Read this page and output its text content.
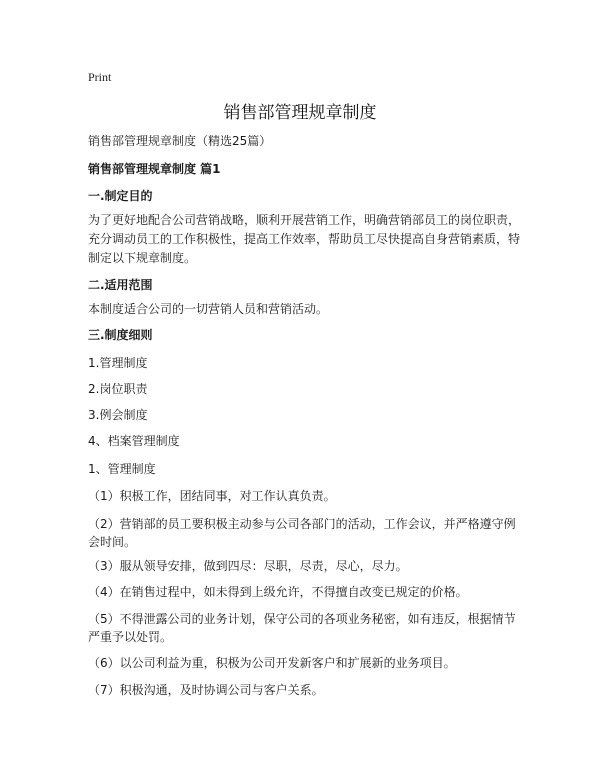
Print
销售部管理规章制度
销售部管理规章制度（精选25篇）
销售部管理规章制度 篇1
一.制定目的
为了更好地配合公司营销战略，顺利开展营销工作，明确营销部员工的岗位职责，
充分调动员工的工作积极性，提高工作效率，帮助员工尽快提高自身营销素质，特
制定以下规章制度。
二.适用范围
本制度适合公司的一切营销人员和营销活动。
三.制度细则
1.管理制度
2.岗位职责
3.例会制度
4、档案管理制度
1、管理制度
（1）积极工作，团结同事，对工作认真负责。
（2）营销部的员工要积极主动参与公司各部门的活动，工作会议，并严格遵守例
会时间。
（3）服从领导安排，做到四尽：尽职，尽责，尽心，尽力。
（4）在销售过程中，如未得到上级允许，不得擅自改变已规定的价格。
（5）不得泄露公司的业务计划，保守公司的各项业务秘密，如有违反，根据情节
严重予以处罚。
（6）以公司利益为重，积极为公司开发新客户和扩展新的业务项目。
（7）积极沟通，及时协调公司与客户关系。
